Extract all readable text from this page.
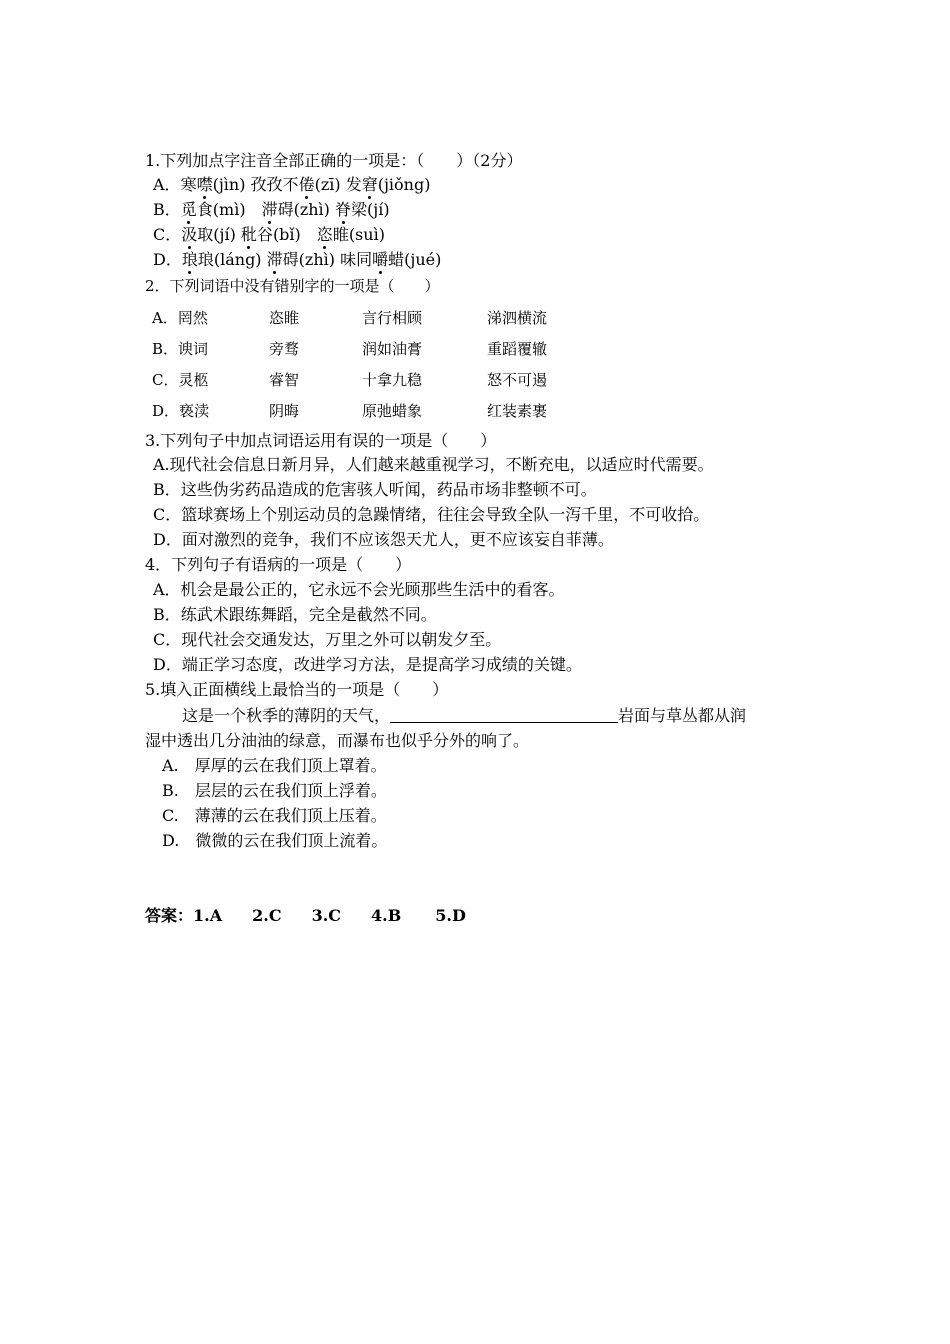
1.下列加点字注音全部正确的一项是：（　　）（2分）
A．寒噤(jìn) 孜孜不倦(zī) 发窘(jiǒng)
B．觅食(mì)　滞碍(zhì) 脊梁(jí)
C．汲取(jí) 秕谷(bǐ)　恣睢(suì)
D．琅琅(láng) 滞碍(zhì) 味同嚼蜡(jué)
2．下列词语中没有错别字的一项是（　　）
A．罔然	恣睢	言行相顾	涕泗横流
B．谀词	旁骛	润如油膏	重蹈覆辙
C．灵柩	睿智	十拿九稳	怒不可遏
D．亵渎	阴晦	原弛蜡象	红装素裹
3.下列句子中加点词语运用有误的一项是（　　）
A.现代社会信息日新月异，人们越来越重视学习，不断充电，以适应时代需要。
B．这些伪劣药品造成的危害骇人听闻，药品市场非整顿不可。
C．篮球赛场上个别运动员的急躁情绪，往往会导致全队一泻千里，不可收拾。
D．面对激烈的竞争，我们不应该怨天尤人，更不应该妄自菲薄。
4．下列句子有语病的一项是（　　）
A．机会是最公正的，它永远不会光顾那些生活中的看客。
B．练武术跟练舞蹈，完全是截然不同。
C．现代社会交通发达，万里之外可以朝发夕至。
D．端正学习态度，改进学习方法，是提高学习成绩的关键。
5.填入正面横线上最恰当的一项是（　　）
这是一个秋季的薄阴的天气，	岩面与草丛都从润
湿中透出几分油油的绿意，而瀑布也似乎分外的响了。
A.　厚厚的云在我们顶上罩着。
B.　层层的云在我们顶上浮着。
C.　薄薄的云在我们顶上压着。
D.　微微的云在我们顶上流着。
答案：1.A 2.C 3.C 4.B 5.D
